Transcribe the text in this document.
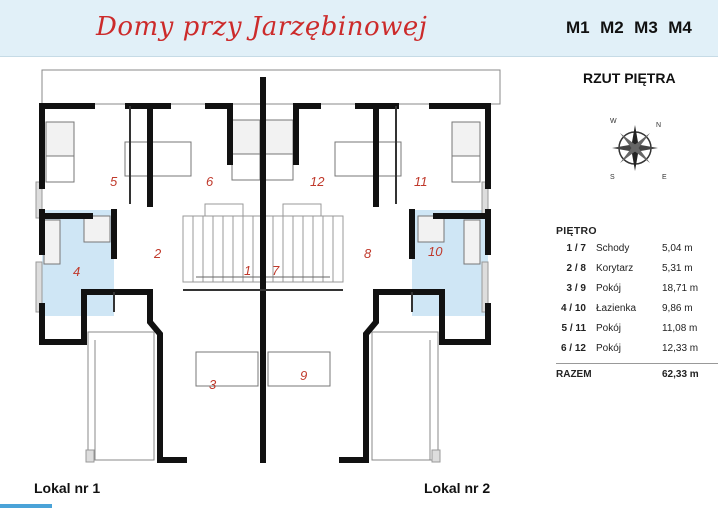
Domy przy Jarzębinowej	M1 M2 M3 M4
1
2
3
4
5	6
7
8
9
10
11
12
Lokal nr 1	Lokal nr 2
RZUT PIĘTRA
N
E
S
W
PIĘTRO
1 / 7 Schody	5,04 m
2 / 8 Korytarz	5,31 m
3 / 9 Pokój	18,71 m
4 / 10 Łazienka	9,86 m
5 / 11 Pokój	11,08 m
6 / 12 Pokój	12,33 m
RAZEM	62,33 m
